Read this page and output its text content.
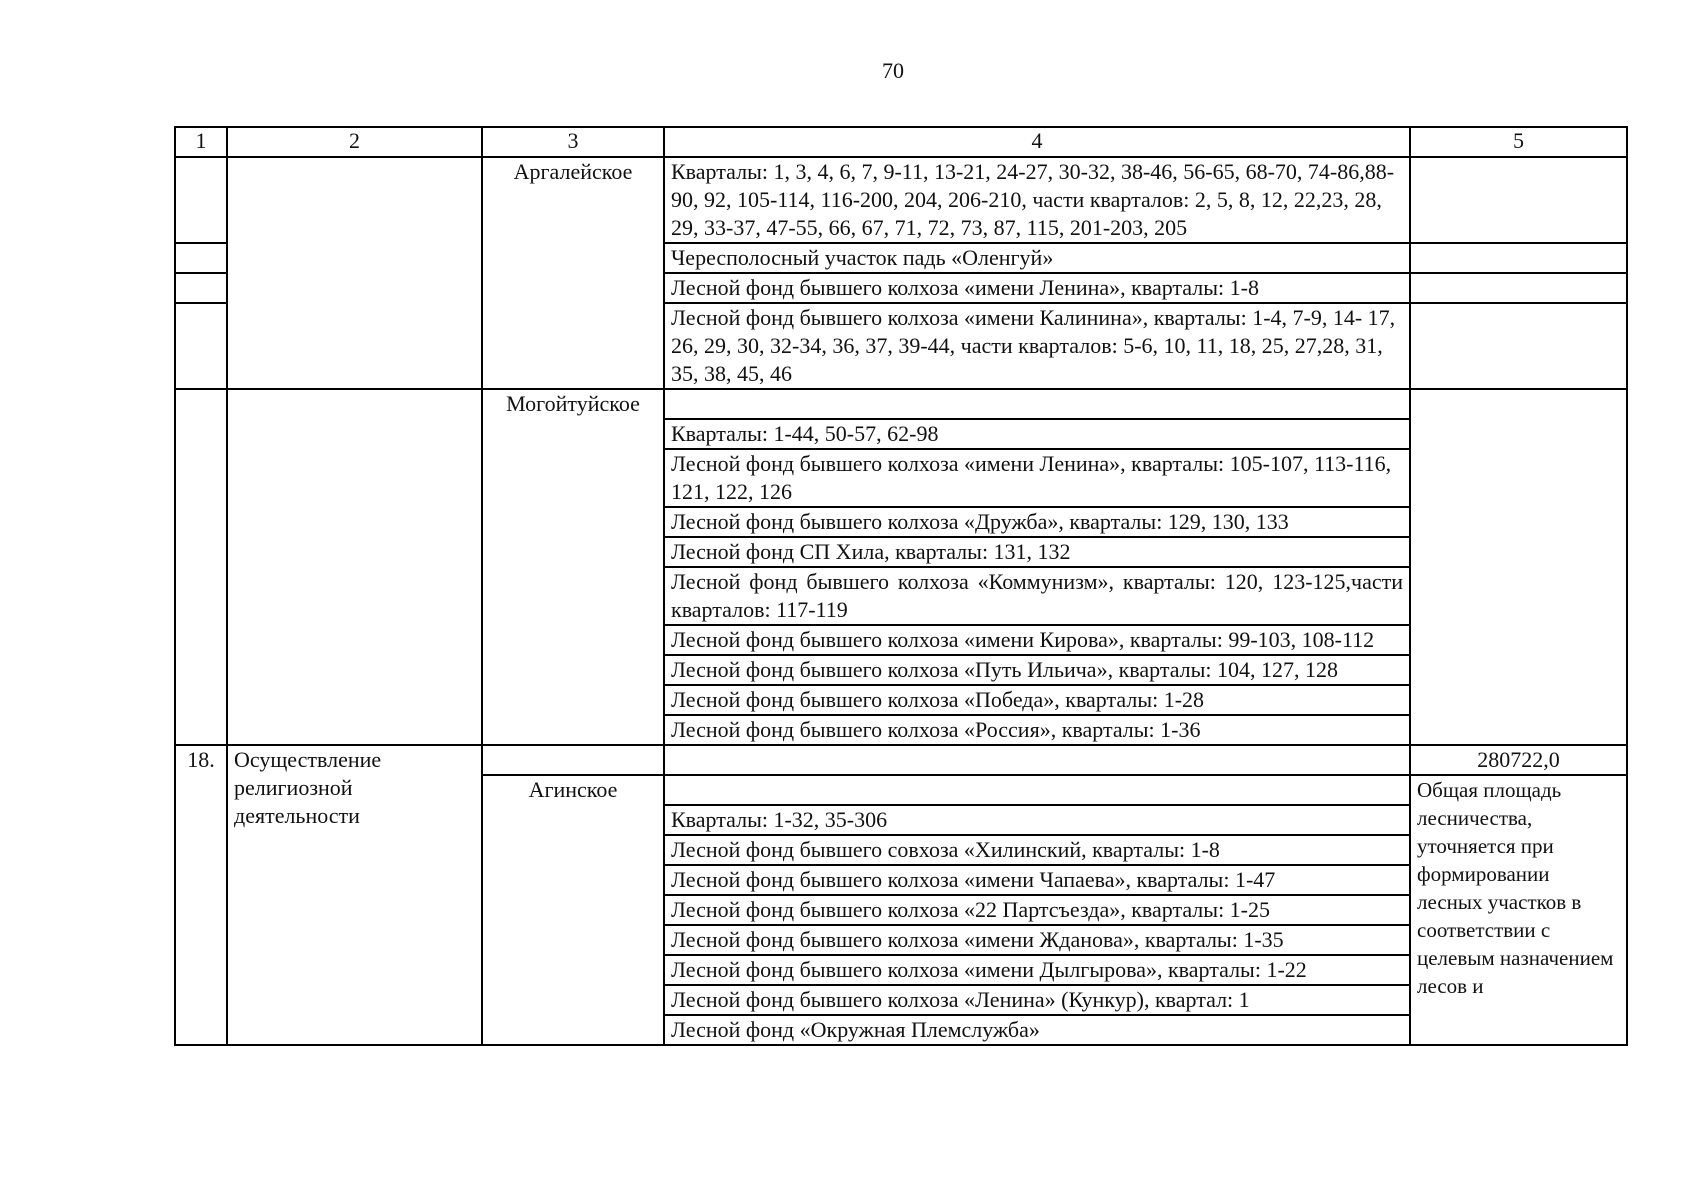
70
1	2	3	4	5
		Аргалейское	Кварталы: 1, 3, 4, 6, 7, 9-11, 13-21, 24-27, 30-32, 38-46, 56-65, 68-70, 74-86,88-90, 92, 105-114, 116-200, 204, 206-210, части кварталов: 2, 5, 8, 12, 22,23, 28, 29, 33-37, 47-55, 66, 67, 71, 72, 73, 87, 115, 201-203, 205	
			Чересполосный участок падь «Оленгуй»	
			Лесной фонд бывшего колхоза «имени Ленина», кварталы: 1-8	
			Лесной фонд бывшего колхоза «имени Калинина», кварталы: 1-4, 7-9, 14- 17, 26, 29, 30, 32-34, 36, 37, 39-44, части кварталов: 5-6, 10, 11, 18, 25, 27,28, 31, 35, 38, 45, 46	
		Могойтуйское		
			Кварталы: 1-44, 50-57, 62-98	
			Лесной фонд бывшего колхоза «имени Ленина», кварталы: 105-107, 113-116, 121, 122, 126	
			Лесной фонд бывшего колхоза «Дружба», кварталы: 129, 130, 133	
			Лесной фонд СП Хила, кварталы: 131, 132	
			Лесной фонд бывшего колхоза «Коммунизм», кварталы: 120, 123-125,части кварталов: 117-119	
			Лесной фонд бывшего колхоза «имени Кирова», кварталы: 99-103, 108-112	
			Лесной фонд бывшего колхоза «Путь Ильича», кварталы: 104, 127, 128	
			Лесной фонд бывшего колхоза «Победа», кварталы: 1-28	
			Лесной фонд бывшего колхоза «Россия», кварталы: 1-36	
18.	Осуществление религиозной деятельности			280722,0
		Агинское		Общая площадь лесничества, уточняется при формировании лесных участков в соответствии с целевым назначением лесов и
			Кварталы: 1-32, 35-306	
			Лесной фонд бывшего совхоза «Хилинский, кварталы: 1-8	
			Лесной фонд бывшего колхоза «имени Чапаева», кварталы: 1-47	
			Лесной фонд бывшего колхоза «22 Партсъезда», кварталы: 1-25	
			Лесной фонд бывшего колхоза «имени Жданова», кварталы: 1-35	
			Лесной фонд бывшего колхоза «имени Дылгырова», кварталы: 1-22	
			Лесной фонд бывшего колхоза «Ленина» (Кункур), квартал: 1	
			Лесной фонд «Окружная Племслужба»	
